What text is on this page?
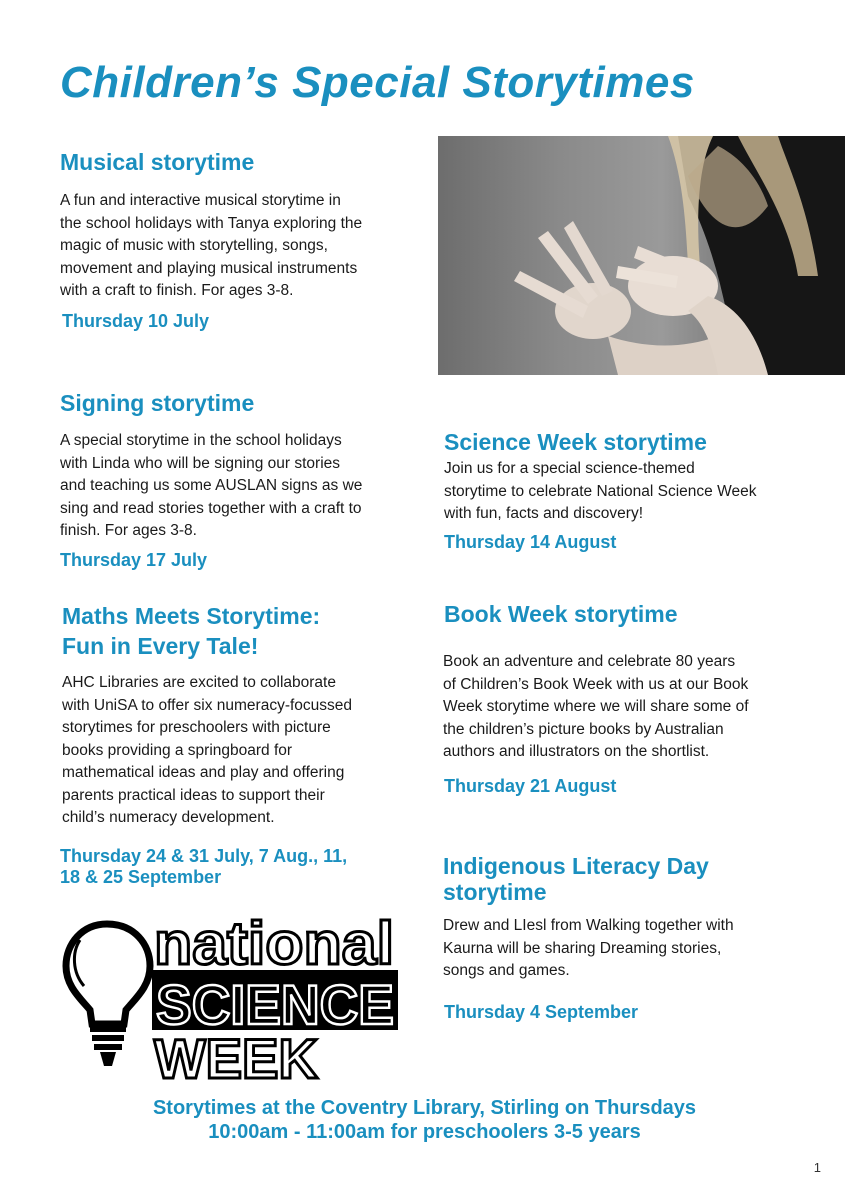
Children’s Special Storytimes
Musical storytime
A fun and interactive musical storytime in
the school holidays with Tanya exploring the
magic of music with storytelling, songs,
movement and playing musical instruments
with a craft to finish. For ages 3-8.
Thursday 10 July
Signing storytime
A special storytime in the school holidays
with Linda who will be signing our stories
and teaching us some AUSLAN signs as we
sing and read stories together with a craft to
finish. For ages 3-8.
Thursday 17 July
Science Week storytime
Join us for a special science-themed
storytime to celebrate National Science Week
with fun, facts and discovery!
Thursday 14 August
Maths Meets Storytime:
Fun in Every Tale!
AHC Libraries are excited to collaborate
with UniSA to offer six numeracy-focussed
storytimes for preschoolers with picture
books providing a springboard for
mathematical ideas and play and offering
parents practical ideas to support their
child’s numeracy development.
Thursday 24 & 31 July, 7 Aug., 11,
18 & 25 September
Book Week storytime
Book an adventure and celebrate 80 years
of Children’s Book Week with us at our Book
Week storytime where we will share some of
the children’s picture books by Australian
authors and illustrators on the shortlist.
Thursday 21 August
Indigenous Literacy Day
storytime
Drew and LIesl from Walking together with
Kaurna will be sharing Dreaming stories,
songs and games.
Thursday 4 September
national
SCIENCE
WEEK
Storytimes at the Coventry Library, Stirling on Thursdays
10:00am - 11:00am for preschoolers 3-5 years
1
